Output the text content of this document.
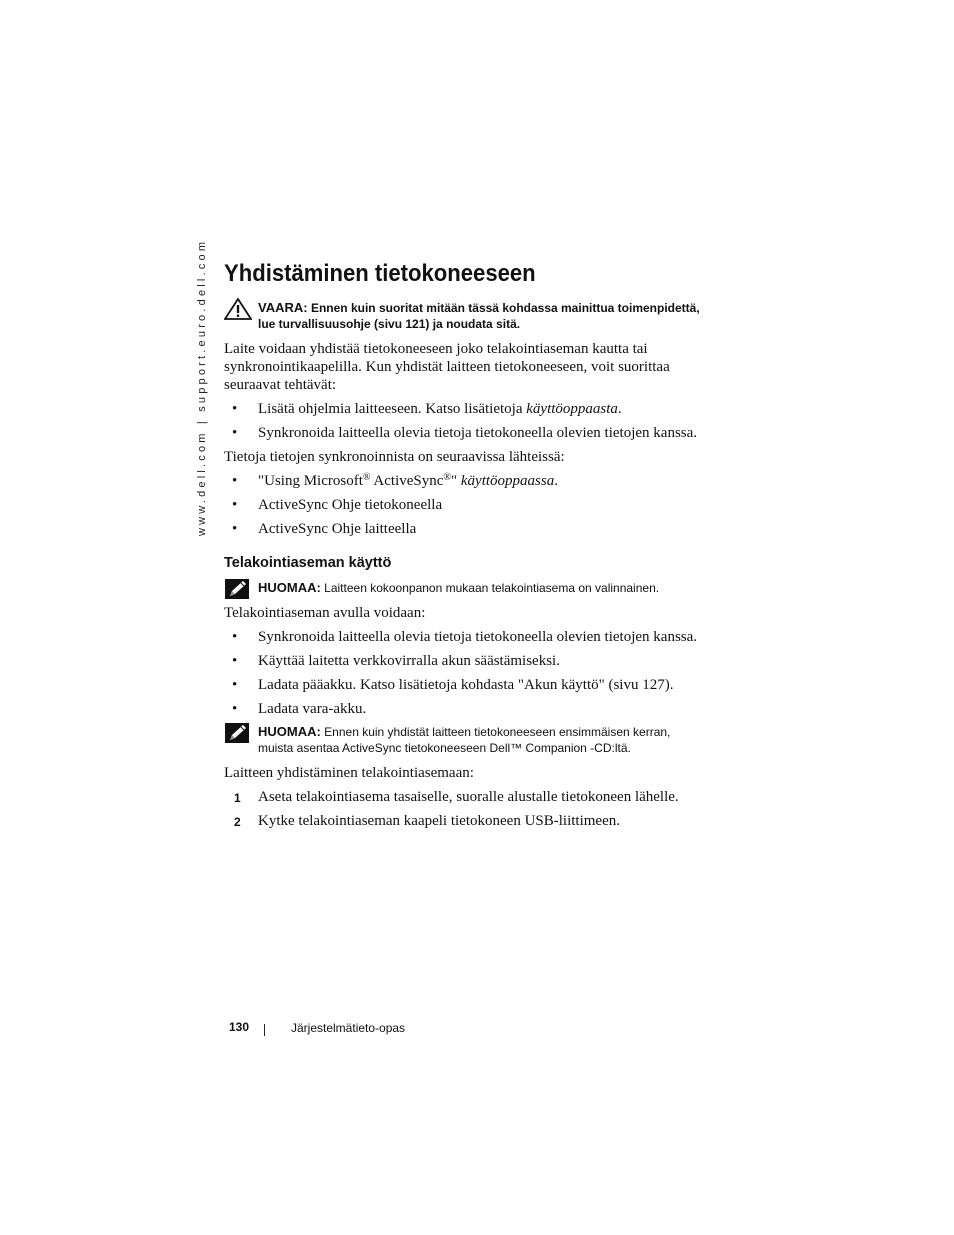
www.dell.com | support.euro.dell.com Yhdistäminen tietokoneeseen
VAARA: Ennen kuin suoritat mitään tässä kohdassa mainittua toimenpidettä, lue turvallisuusohje (sivu 121) ja noudata sitä.

Laite voidaan yhdistää tietokoneeseen joko telakointiaseman kautta tai synkronointikaapelilla. Kun yhdistät laitteen tietokoneeseen, voit suorittaa seuraavat tehtävät:

• Lisätä ohjelmia laitteeseen. Katso lisätietoja käyttöoppaasta.
• Synkronoida laitteella olevia tietoja tietokoneella olevien tietojen kanssa.

Tietoja tietojen synkronoinnista on seuraavissa lähteissä:

• "Using Microsoft® ActiveSync®" käyttöoppaassa.
• ActiveSync Ohje tietokoneella
• ActiveSync Ohje laitteella
Telakointiaseman käyttö
HUOMAA: Laitteen kokoonpanon mukaan telakointiasema on valinnainen.

Telakointiaseman avulla voidaan:

• Synkronoida laitteella olevia tietoja tietokoneella olevien tietojen kanssa.
• Käyttää laitetta verkkovirralla akun säästämiseksi.
• Ladata pääakku. Katso lisätietoja kohdasta "Akun käyttö" (sivu 127).
• Ladata vara-akku.
HUOMAA: Ennen kuin yhdistät laitteen tietokoneeseen ensimmäisen kerran, muista asentaa ActiveSync tietokoneeseen Dell™ Companion -CD:ltä.

Laitteen yhdistäminen telakointiasemaan:

1 Aseta telakointiasema tasaiselle, suoralle alustalle tietokoneen lähelle.
2 Kytke telakointiaseman kaapeli tietokoneen USB-liittimeen.
130	Järjestelmätieto-opas
